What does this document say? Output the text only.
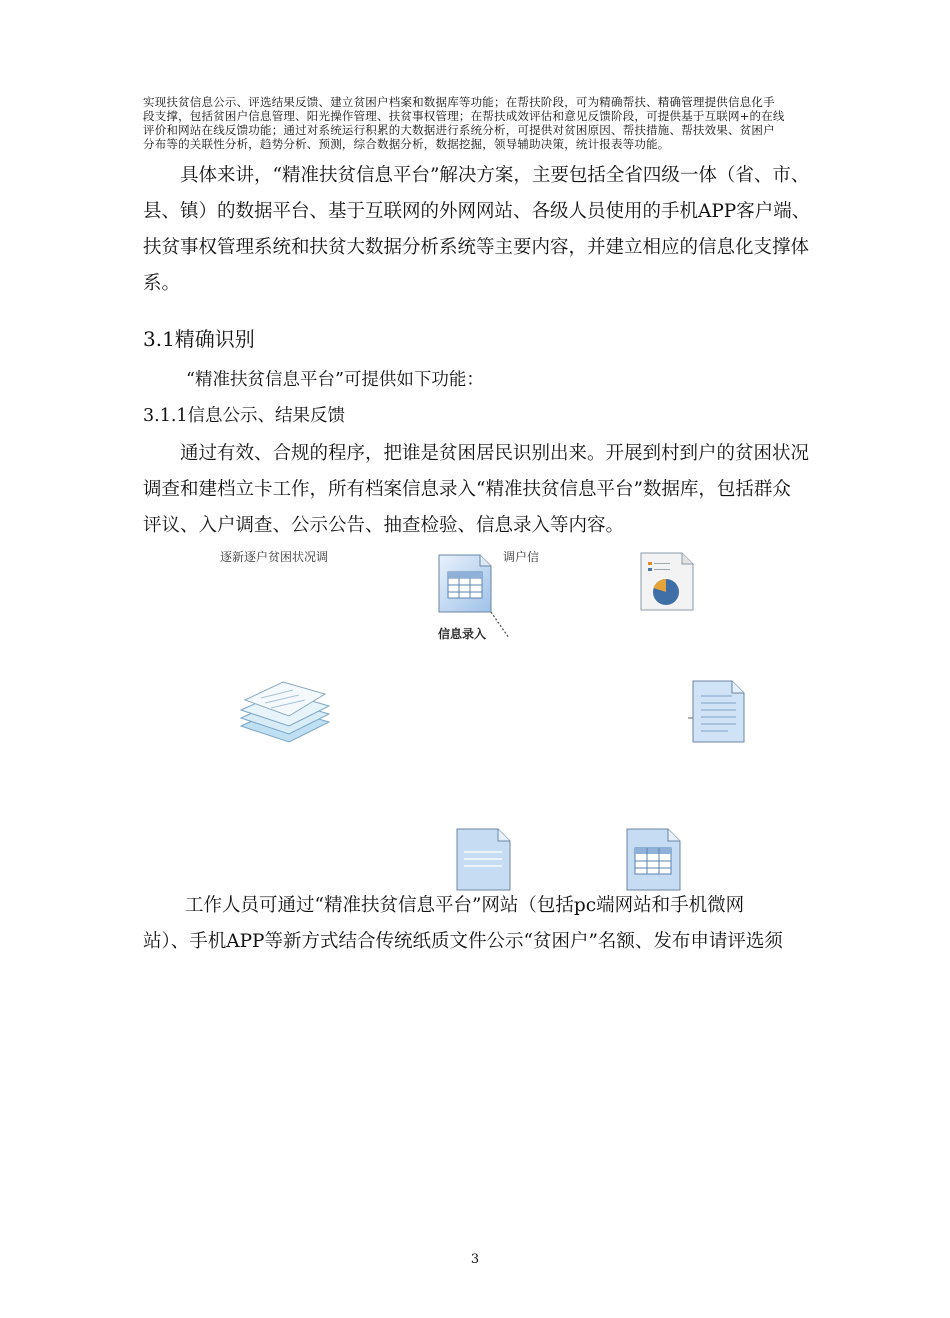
实现扶贫信息公示、评选结果反馈、建立贫困户档案和数据库等功能；在帮扶阶段，可为精确帮扶、精确管理提供信息化手
段支撑，包括贫困户信息管理、阳光操作管理、扶贫事权管理；在帮扶成效评估和意见反馈阶段，可提供基于互联网+的在线
评价和网站在线反馈功能；通过对系统运行积累的大数据进行系统分析，可提供对贫困原因、帮扶措施、帮扶效果、贫困户
分布等的关联性分析，趋势分析、预测，综合数据分析，数据挖掘，领导辅助决策，统计报表等功能。
具体来讲，“精准扶贫信息平台”解决方案，主要包括全省四级一体（省、市、
县、镇）的数据平台、基于互联网的外网网站、各级人员使用的手机APP客户端、
扶贫事权管理系统和扶贫大数据分析系统等主要内容，并建立相应的信息化支撑体
系。
3.1精确识别
“精准扶贫信息平台”可提供如下功能：
3.1.1信息公示、结果反馈
通过有效、合规的程序，把谁是贫困居民识别出来。开展到村到户的贫困状况
调查和建档立卡工作，所有档案信息录入“精准扶贫信息平台”数据库，包括群众
评议、入户调查、公示公告、抽查检验、信息录入等内容。
逐新逐户贫困状况调	调户信
信息录入
工作人员可通过“精准扶贫信息平台”网站（包括pc端网站和手机微网
站）、手机APP等新方式结合传统纸质文件公示“贫困户”名额、发布申请评选须
3
